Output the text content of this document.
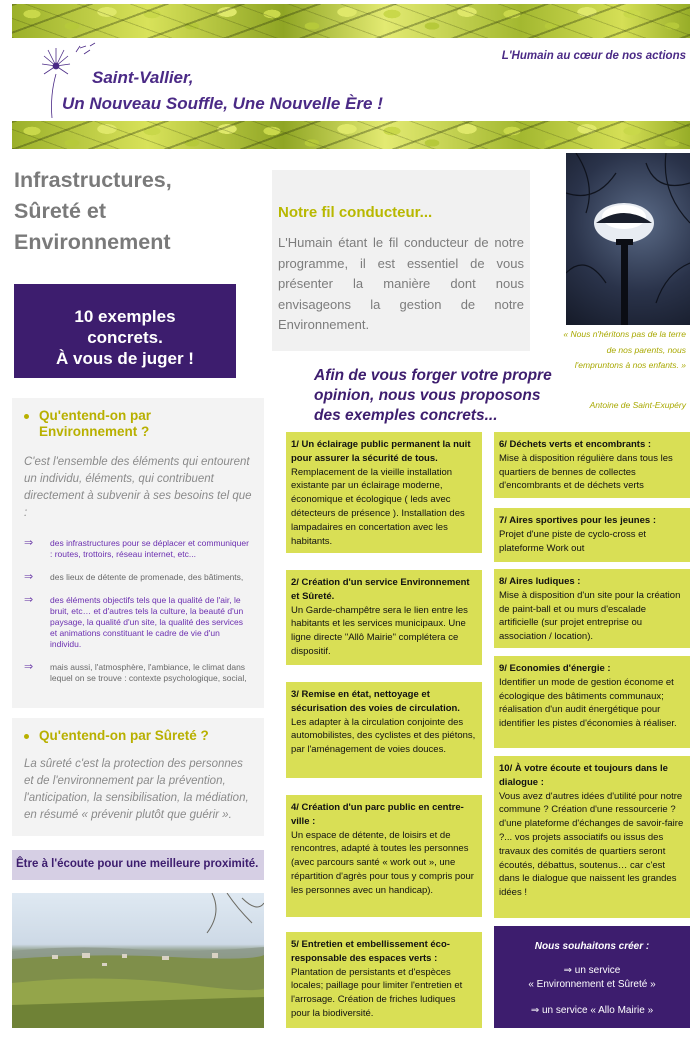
Saint-Vallier,
Un Nouveau Souffle, Une Nouvelle Ère !
L'Humain au cœur de nos actions
Infrastructures,
Sûreté et
Environnement
10 exemples
concrets.
À vous de juger !
Notre fil conducteur...
L'Humain étant le fil conducteur de notre programme, il est essentiel de vous présenter la manière dont nous envisageons la gestion de notre Environnement.
« Nous n'héritons pas de la terre de nos parents, nous l'empruntons à nos enfants. »
Antoine de Saint-Exupéry
Afin de vous forger votre propre opinion, nous vous proposons des exemples concrets...
Qu'entend-on par Environnement ?
C'est l'ensemble des éléments qui entourent un individu, éléments, qui contribuent directement à subvenir à ses besoins tel que :
⇒	des infrastructures pour se déplacer et communiquer : routes, trottoirs, réseau internet, etc...
⇒	des lieux de détente de promenade, des bâtiments,
⇒	des éléments objectifs tels que la qualité de l'air, le bruit, etc… et d'autres tels la culture, la beauté d'un paysage, la qualité d'un site, la qualité des services et animations constituant le cadre de vie d'un individu.
⇒	mais aussi, l'atmosphère, l'ambiance, le climat dans lequel on se trouve : contexte psychologique, social,
Qu'entend-on par Sûreté ?
La sûreté c'est la protection des personnes et de l'environnement par la prévention, l'anticipation, la sensibilisation, la médiation, en résumé « prévenir plutôt que guérir ».
Être à l'écoute pour une meilleure proximité.
1/ Un éclairage public permanent la nuit pour assurer la sécurité de tous.
Remplacement de la vieille installation existante par un éclairage moderne, économique et écologique ( leds avec détecteurs de présence ). Installation des lampadaires en concertation avec les habitants.
2/ Création d'un service Environnement et Sûreté.
Un Garde-champêtre sera le lien entre les habitants et les services municipaux. Une ligne directe "Allô Mairie" complétera ce dispositif.
3/ Remise en état, nettoyage et sécurisation des voies de circulation.
Les adapter à la circulation conjointe des automobilistes, des cyclistes et des piétons, par l'aménagement de voies douces.
4/ Création d'un parc public en centre-ville :
Un espace de détente, de loisirs et de rencontres, adapté à toutes les personnes (avec parcours santé « work out », une répartition d'agrès pour tous y compris pour les personnes avec un handicap).
5/ Entretien et embellissement éco-responsable des espaces verts :
Plantation de persistants et d'espèces locales; paillage pour limiter l'entretien et l'arrosage. Création de friches ludiques pour la biodiversité.
6/ Déchets verts et encombrants :
Mise à disposition régulière dans tous les quartiers de bennes de collectes d'encombrants et de déchets verts
7/ Aires sportives pour les jeunes :
Projet d'une piste de cyclo-cross et plateforme Work out
8/ Aires ludiques :
Mise à disposition d'un site pour la création de paint-ball et ou murs d'escalade artificielle (sur projet entreprise ou association / location).
9/ Economies d'énergie :
Identifier un mode de gestion économe et écologique des bâtiments communaux; réalisation d'un audit énergétique pour identifier les pistes d'économies à réaliser.
10/ À votre écoute et toujours dans le dialogue :
Vous avez d'autres idées d'utilité pour notre commune ? Création d'une ressourcerie ? d'une plateforme d'échanges de savoir-faire ?... vos projets associatifs ou issus des travaux des comités de quartiers seront écoutés, débattus, soutenus… car c'est dans le dialogue que naissent les grandes idées !
Nous souhaitons créer :
⇒ un service
« Environnement et Sûreté »
⇒ un service « Allo Mairie »
